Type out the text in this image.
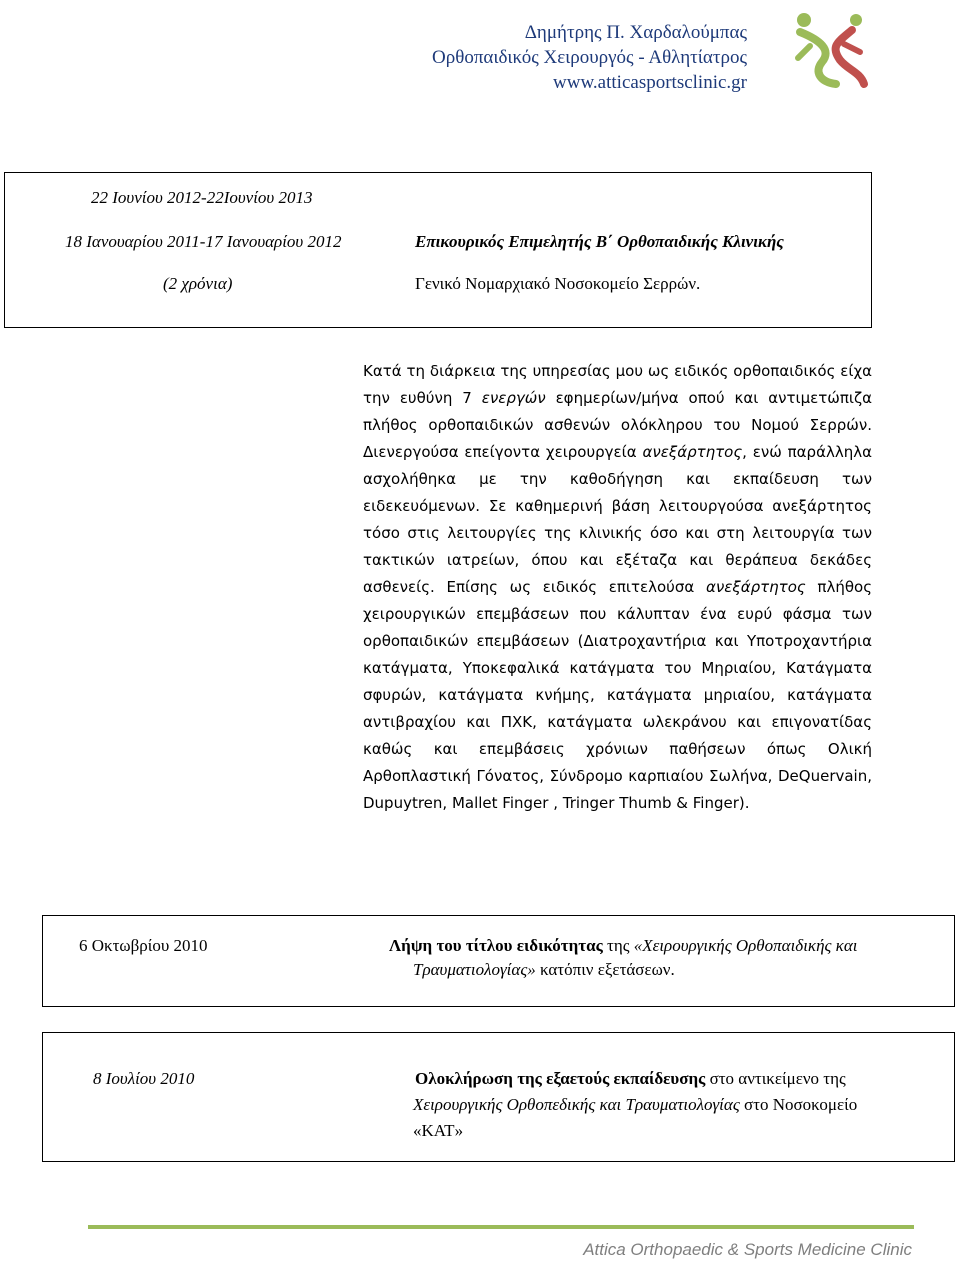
Δημήτρης Π. Χαρδαλούμπας
Ορθοπαιδικός Χειρουργός - Αθλητίατρος
www.atticasportsclinic.gr
22 Ιουνίου 2012-22Ιουνίου 2013
18 Ιανουαρίου 2011-17 Ιανουαρίου 2012	Επικουρικός Επιμελητής Β΄ Ορθοπαιδικής Κλινικής
(2 χρόνια)	Γενικό Νομαρχιακό Νοσοκομείο Σερρών.
Κατά τη διάρκεια της υπηρεσίας μου ως ειδικός ορθοπαιδικός είχα την ευθύνη 7 ενεργών εφημερίων/μήνα οπού και αντιμετώπιζα πλήθος ορθοπαιδικών ασθενών ολόκληρου του Νομού Σερρών. Διενεργούσα επείγοντα χειρουργεία ανεξάρτητος, ενώ παράλληλα ασχολήθηκα με την καθοδήγηση και εκπαίδευση των ειδεκευόμενων. Σε καθημερινή βάση λειτουργούσα ανεξάρτητος τόσο στις λειτουργίες της κλινικής όσο και στη λειτουργία των τακτικών ιατρείων, όπου και εξέταζα και θεράπευα δεκάδες ασθενείς. Επίσης ως ειδικός επιτελούσα ανεξάρτητος πλήθος χειρουργικών επεμβάσεων που κάλυπταν ένα ευρύ φάσμα των ορθοπαιδικών επεμβάσεων (Διατροχαντήρια και Υποτροχαντήρια κατάγματα, Υποκεφαλικά κατάγματα του Μηριαίου, Κατάγματα σφυρών, κατάγματα κνήμης, κατάγματα μηριαίου, κατάγματα αντιβραχίου και ΠΧΚ, κατάγματα ωλεκράνου και επιγονατίδας καθώς και επεμβάσεις χρόνιων παθήσεων όπως Ολική Αρθοπλαστική Γόνατος, Σύνδρομο καρπιαίου Σωλήνα, DeQuervain, Dupuytren, Mallet Finger , Tringer Thumb & Finger).
6 Οκτωβρίου 2010	Λήψη του τίτλου ειδικότητας της «Χειρουργικής Ορθοπαιδικής και
Τραυματιολογίας» κατόπιν εξετάσεων.
8 Ιουλίου 2010	Ολοκλήρωση της εξαετούς εκπαίδευσης στο αντικείμενο της
Χειρουργικής Ορθοπεδικής και Τραυματιολογίας στο Νοσοκομείο
«ΚΑΤ»
Attica Orthopaedic & Sports Medicine Clinic
